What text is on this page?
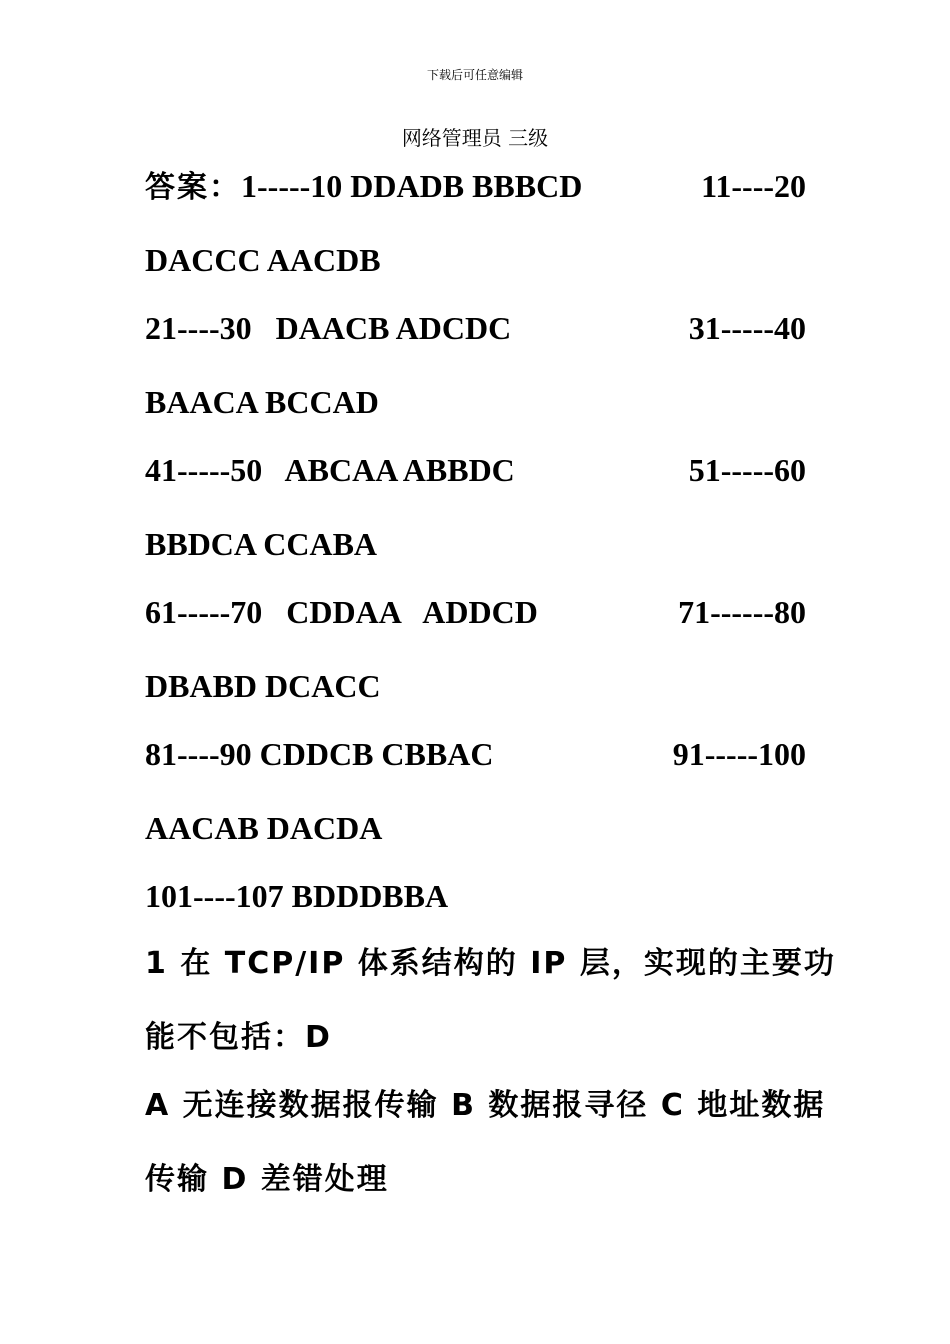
下载后可任意编辑
网络管理员 三级
答案：1-----10 DDADB BBBCD	11----20
DACCC AACDB
21----30   DAACB ADCDC	31-----40
BAACA BCCAD
41-----50   ABCAA ABBDC	51-----60
BBDCA CCABA
61-----70   CDDAA   ADDCD	71------80
DBABD DCACC
81----90 CDDCB CBBAC	91-----100
AACAB DACDA
101----107 BDDDBBA
1 在 TCP/IP 体系结构的 IP 层，实现的主要功
能不包括：D
A 无连接数据报传输 B 数据报寻径 C 地址数据
传输 D 差错处理
